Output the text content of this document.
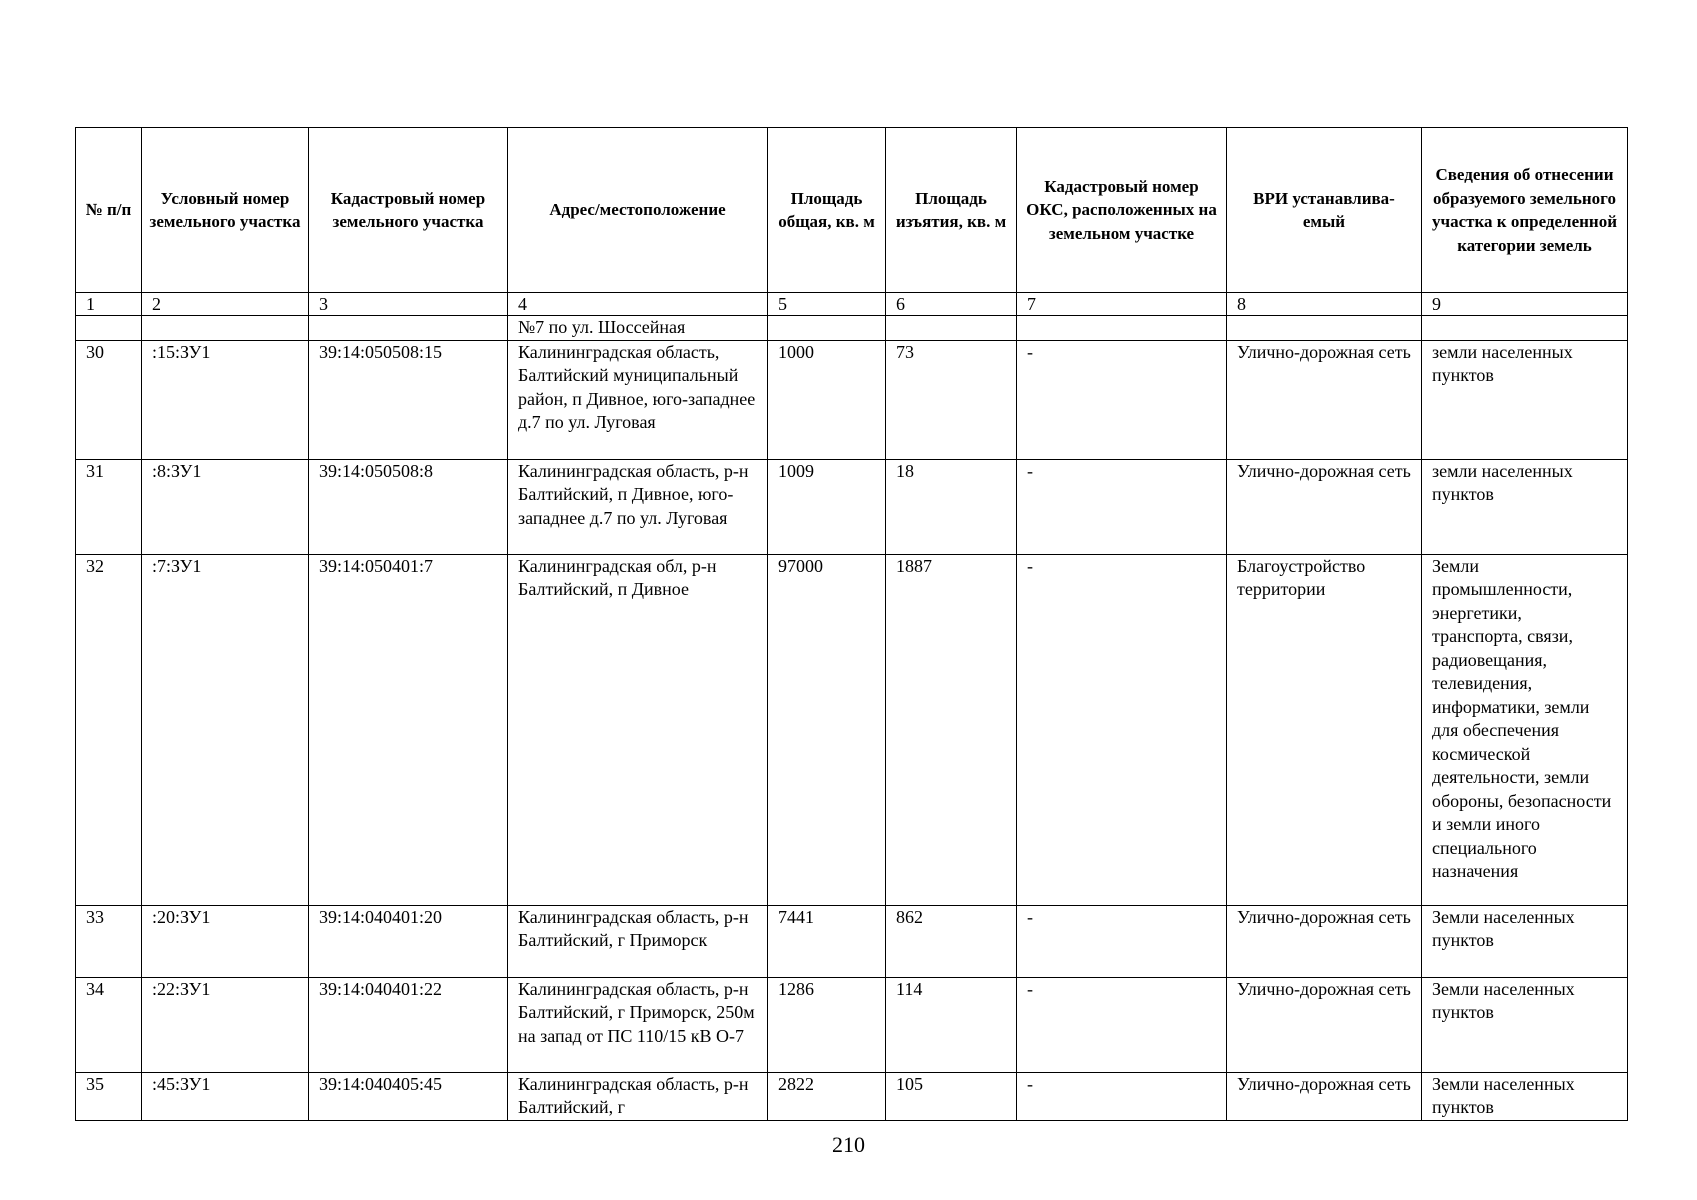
№ п/п	Условный номер земельного участка	Кадастровый номер земельного участка	Адрес/местоположение	Площадь общая, кв. м	Площадь изъятия, кв. м	Кадастровый номер ОКС, расположенных на земельном участке	ВРИ устанавлива-емый	Сведения об отнесении образуемого земельного участка к определенной категории земель
1	2	3	4	5	6	7	8	9
			№7 по ул. Шоссейная					
30	:15:ЗУ1	39:14:050508:15	Калининградская область, Балтийский муниципальный район, п Дивное, юго-западнее д.7 по ул. Луговая	1000	73	-	Улично-дорожная сеть	земли населенных пунктов
31	:8:ЗУ1	39:14:050508:8	Калининградская область, р-н Балтийский, п Дивное, юго-западнее д.7 по ул. Луговая	1009	18	-	Улично-дорожная сеть	земли населенных пунктов
32	:7:ЗУ1	39:14:050401:7	Калининградская обл, р-н Балтийский, п Дивное	97000	1887	-	Благоустройство территории	Земли промышленности, энергетики, транспорта, связи, радиовещания, телевидения, информатики, земли для обеспечения космической деятельности, земли обороны, безопасности и земли иного специального назначения
33	:20:ЗУ1	39:14:040401:20	Калининградская область, р-н Балтийский, г Приморск	7441	862	-	Улично-дорожная сеть	Земли населенных пунктов
34	:22:ЗУ1	39:14:040401:22	Калининградская область, р-н Балтийский, г Приморск, 250м на запад от ПС 110/15 кВ О-7	1286	114	-	Улично-дорожная сеть	Земли населенных пунктов
35	:45:ЗУ1	39:14:040405:45	Калининградская область, р-н Балтийский, г	2822	105	-	Улично-дорожная сеть	Земли населенных пунктов
210
